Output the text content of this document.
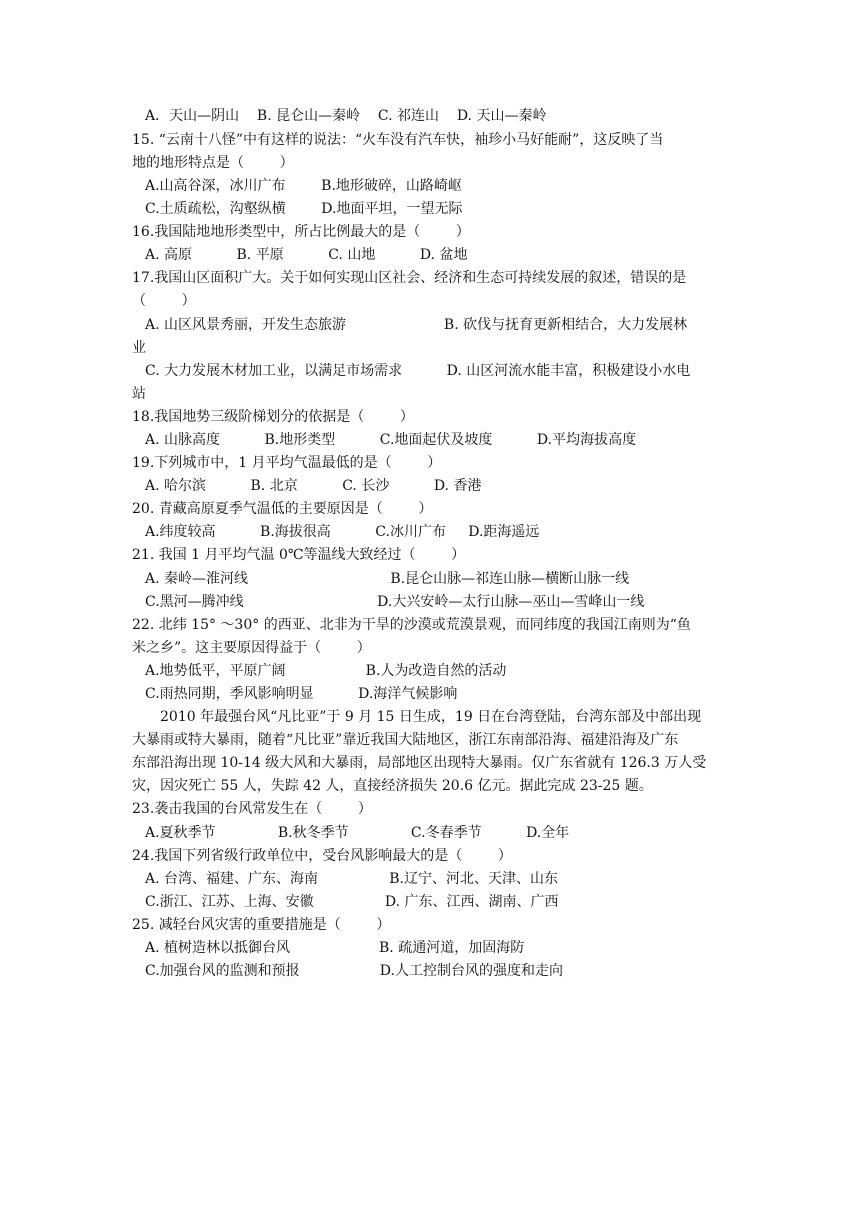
A．天山—阴山    B. 昆仑山—秦岭    C. 祁连山    D. 天山—秦岭
15. “云南十八怪”中有这样的说法：“火车没有汽车快，袖珍小马好能耐”，这反映了当
地的地形特点是（        ）
A.山高谷深，冰川广布        B.地形破碎，山路崎岖
C.土质疏松，沟壑纵横        D.地面平坦，一望无际
16.我国陆地地形类型中，所占比例最大的是（        ）
A. 高原          B. 平原          C. 山地          D. 盆地
17.我国山区面积广大。关于如何实现山区社会、经济和生态可持续发展的叙述，错误的是
（        ）
A. 山区风景秀丽，开发生态旅游                      B. 砍伐与抚育更新相结合，大力发展林
业
C. 大力发展木材加工业，以满足市场需求          D. 山区河流水能丰富，积极建设小水电
站
18.我国地势三级阶梯划分的依据是（        ）
A. 山脉高度          B.地形类型          C.地面起伏及坡度          D.平均海拔高度
19.下列城市中，1 月平均气温最低的是（        ）
A. 哈尔滨          B. 北京          C. 长沙          D. 香港
20. 青藏高原夏季气温低的主要原因是（        ）
A.纬度较高          B.海拔很高          C.冰川广布     D.距海遥远
21. 我国 1 月平均气温 0℃等温线大致经过（        ）
A. 秦岭—淮河线                                B.昆仑山脉—祁连山脉—横断山脉一线
C.黑河—腾冲线                              D.大兴安岭—太行山脉—巫山—雪峰山一线
22. 北纬 15° ～30° 的西亚、北非为干旱的沙漠或荒漠景观，而同纬度的我国江南则为“鱼
米之乡”。这主要原因得益于（        ）
A.地势低平，平原广阔                  B.人为改造自然的活动
C.雨热同期，季风影响明显          D.海洋气候影响
2010 年最强台风“凡比亚”于 9 月 15 日生成，19 日在台湾登陆，台湾东部及中部出现
大暴雨或特大暴雨，随着“凡比亚”靠近我国大陆地区，浙江东南部沿海、福建沿海及广东
东部沿海出现 10-14 级大风和大暴雨，局部地区出现特大暴雨。仅广东省就有 126.3 万人受
灾，因灾死亡 55 人，失踪 42 人，直接经济损失 20.6 亿元。据此完成 23-25 题。
23.袭击我国的台风常发生在（        ）
A.夏秋季节              B.秋冬季节              C.冬春季节          D.全年
24.我国下列省级行政单位中，受台风影响最大的是（        ）
A. 台湾、福建、广东、海南                B.辽宁、河北、天津、山东
C.浙江、江苏、上海、安徽                D. 广东、江西、湖南、广西
25. 减轻台风灾害的重要措施是（        ）
A. 植树造林以抵御台风                    B. 疏通河道，加固海防
C.加强台风的监测和预报                  D.人工控制台风的强度和走向
